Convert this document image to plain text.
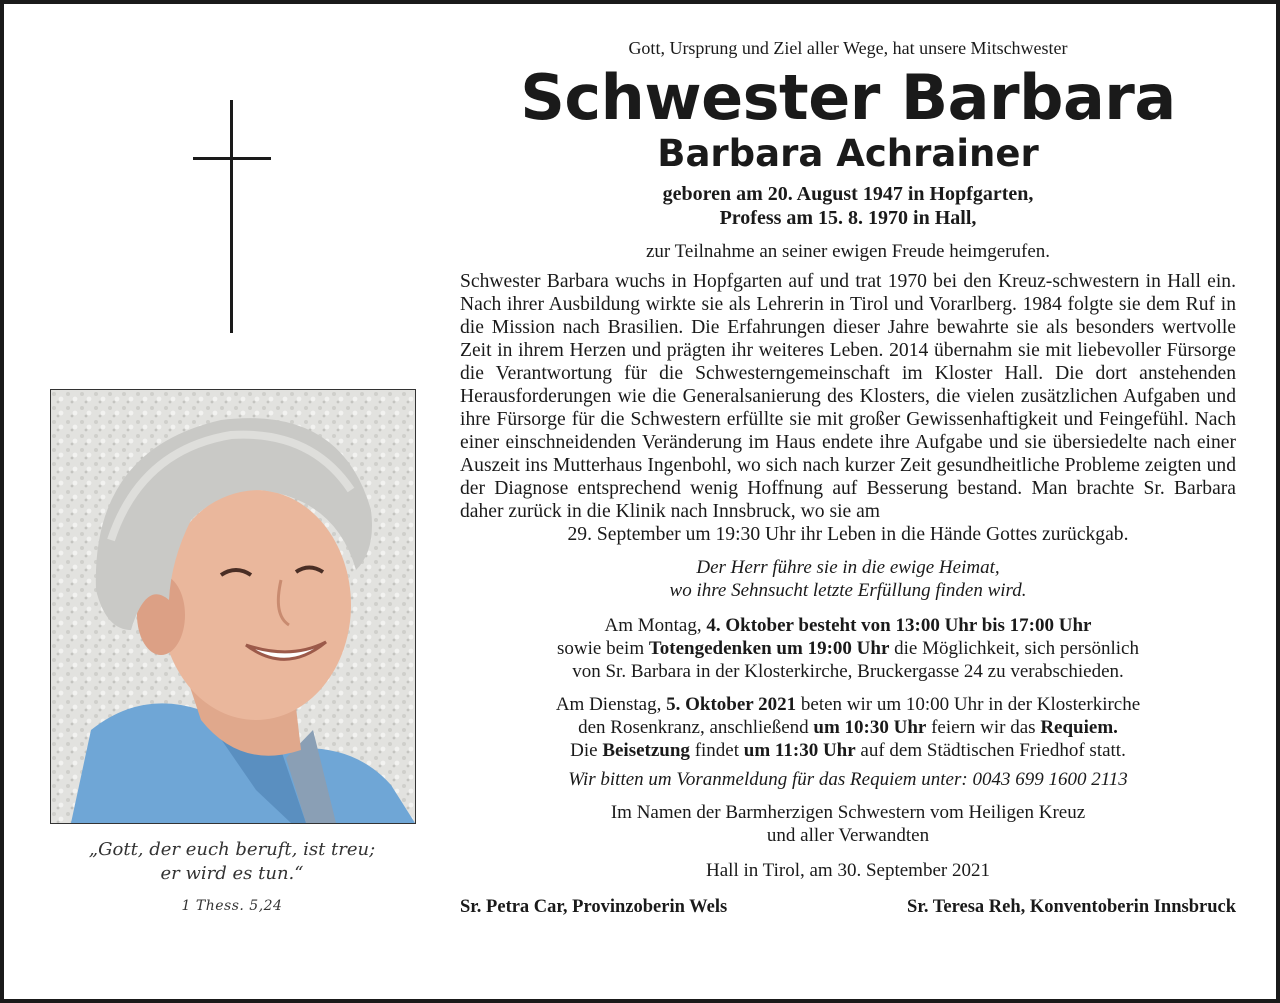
„Gott, der euch beruft, ist treu;
er wird es tun.“
1 Thess. 5,24
Gott, Ursprung und Ziel aller Wege, hat unsere Mitschwester
Schwester Barbara
Barbara Achrainer
geboren am 20. August 1947 in Hopfgarten,
Profess am 15. 8. 1970 in Hall,
zur Teilnahme an seiner ewigen Freude heimgerufen.
Schwester Barbara wuchs in Hopfgarten auf und trat 1970 bei den Kreuz-schwestern in Hall ein. Nach ihrer Ausbildung wirkte sie als Lehrerin in Tirol und Vorarlberg. 1984 folgte sie dem Ruf in die Mission nach Brasilien. Die Erfahrungen dieser Jahre bewahrte sie als besonders wertvolle Zeit in ihrem Herzen und prägten ihr weiteres Leben. 2014 übernahm sie mit liebevoller Fürsorge die Verantwortung für die Schwesterngemeinschaft im Kloster Hall. Die dort anstehenden Herausforderungen wie die Generalsanierung des Klosters, die vielen zusätzlichen Aufgaben und ihre Fürsorge für die Schwestern erfüllte sie mit großer Gewissenhaftigkeit und Feingefühl. Nach einer einschneidenden Veränderung im Haus endete ihre Aufgabe und sie übersiedelte nach einer Auszeit ins Mutterhaus Ingenbohl, wo sich nach kurzer Zeit gesundheitliche Probleme zeigten und der Diagnose entsprechend wenig Hoffnung auf Besserung bestand. Man brachte Sr. Barbara daher zurück in die Klinik nach Innsbruck, wo sie am
29. September um 19:30 Uhr ihr Leben in die Hände Gottes zurückgab.
Der Herr führe sie in die ewige Heimat,
wo ihre Sehnsucht letzte Erfüllung finden wird.
Am Montag, 4. Oktober besteht von 13:00 Uhr bis 17:00 Uhr
sowie beim Totengedenken um 19:00 Uhr die Möglichkeit, sich persönlich
von Sr. Barbara in der Klosterkirche, Bruckergasse 24 zu verabschieden.
Am Dienstag, 5. Oktober 2021 beten wir um 10:00 Uhr in der Klosterkirche
den Rosenkranz, anschließend um 10:30 Uhr feiern wir das Requiem.
Die Beisetzung findet um 11:30 Uhr auf dem Städtischen Friedhof statt.
Wir bitten um Voranmeldung für das Requiem unter: 0043 699 1600 2113
Im Namen der Barmherzigen Schwestern vom Heiligen Kreuz
und aller Verwandten
Hall in Tirol, am 30. September 2021
Sr. Petra Car, Provinzoberin Wels	Sr. Teresa Reh, Konventoberin Innsbruck
